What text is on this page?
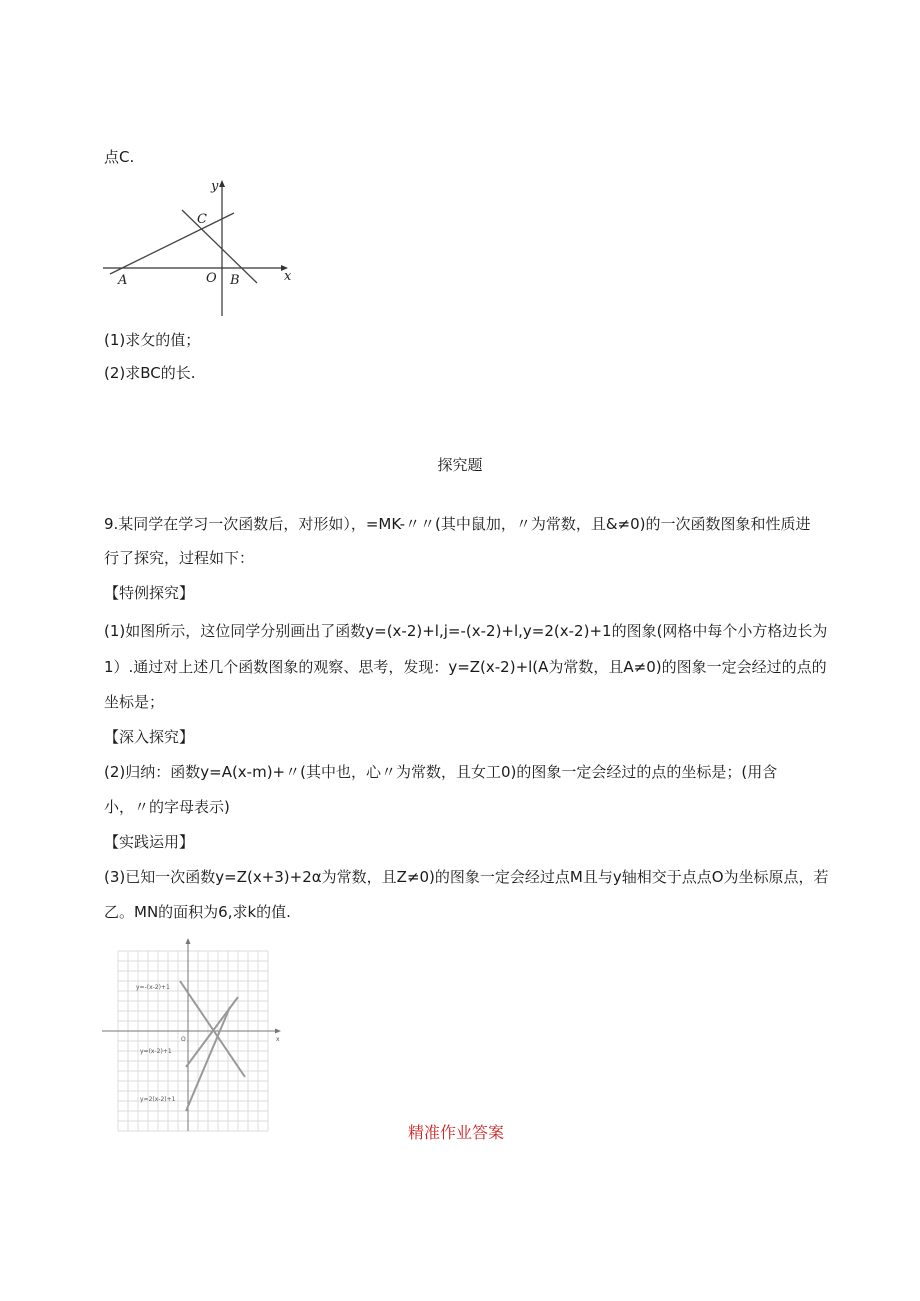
点C.
y
C
A	O B	x
(1)求攵的值；
(2)求BC的长.
探究题
9.某同学在学习一次函数后，对形如），=MK-〃〃(其中鼠加，〃为常数，且&≠0)的一次函数图象和性质进
行了探究，过程如下：
【特例探究】
(1)如图所示，这位同学分别画出了函数y=(x-2)+l,j=-(x-2)+l,y=2(x-2)+1的图象(网格中每个小方格边长为
1）.通过对上述几个函数图象的观察、思考，发现：y=Z(x-2)+l(A为常数，且A≠0)的图象一定会经过的点的
坐标是；
【深入探究】
(2)归纳：函数y=A(x-m)+〃(其中也，心〃为常数，且女工0)的图象一定会经过的点的坐标是；(用含
小，〃的字母表示)
【实践运用】
(3)已知一次函数y=Z(x+3)+2α为常数，且Z≠0)的图象一定会经过点M且与y轴相交于点点O为坐标原点，若
乙。MN的面积为6,求k的值.
y=-(x-2)+1
y=(x-2)+1
y=2(x-2)+1
O	x
精准作业答案
